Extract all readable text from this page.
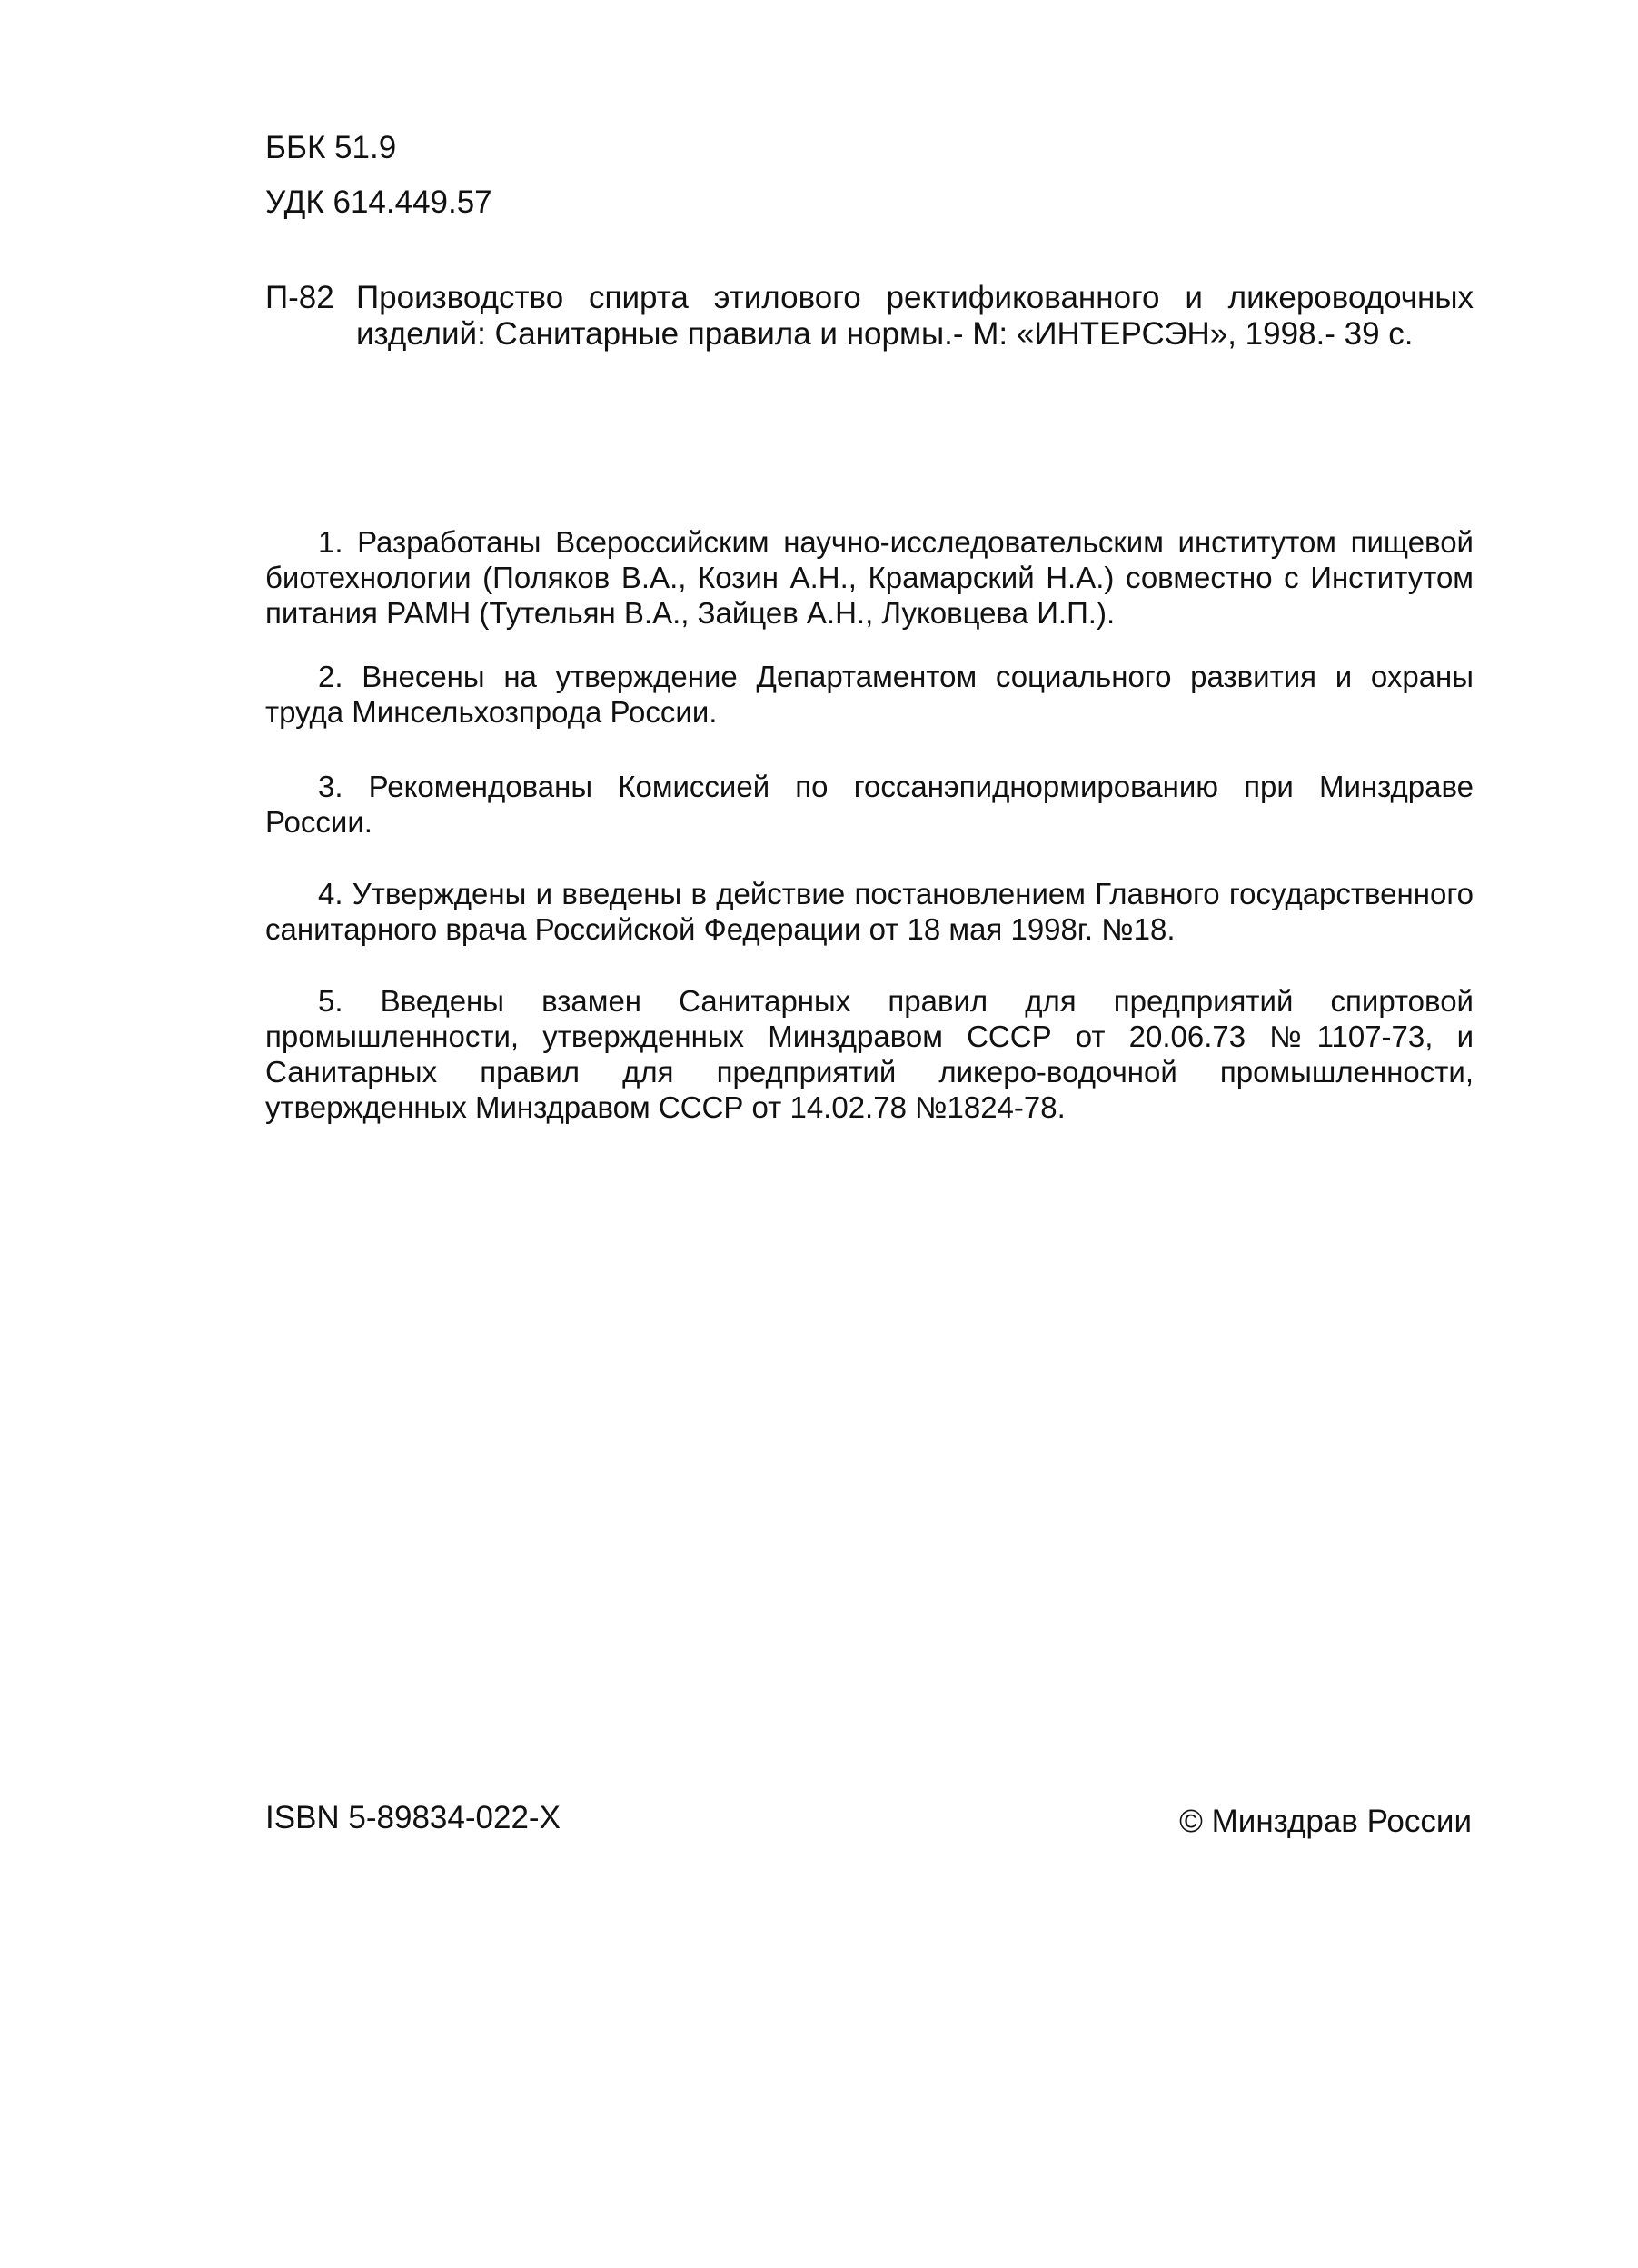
ББК 51.9
УДК 614.449.57
П-82 Производство спирта этилового ректификованного и ликероводочных изделий: Санитарные правила и нормы.- М: «ИНТЕРСЭН», 1998.- 39 с.

1. Разработаны Всероссийским научно-исследовательским институтом пищевой биотехнологии (Поляков В.А., Козин А.Н., Крамарский Н.А.) совместно с Институтом питания РАМН (Тутельян В.А., Зайцев А.Н., Луковцева И.П.).

2. Внесены на утверждение Департаментом социального развития и охраны труда Минсельхозпрода России.

3. Рекомендованы Комиссией по госсанэпиднормированию при Минздраве России.

4. Утверждены и введены в действие постановлением Главного государственного санитарного врача Российской Федерации от 18 мая 1998г. №18.

5. Введены взамен Санитарных правил для предприятий спиртовой промышленности, утвержденных Минздравом СССР от 20.06.73 №1107-73, и Санитарных правил для предприятий ликеро-водочной промышленности, утвержденных Минздравом СССР от 14.02.78 №1824-78.

ISBN 5-89834-022-X	© Минздрав России
